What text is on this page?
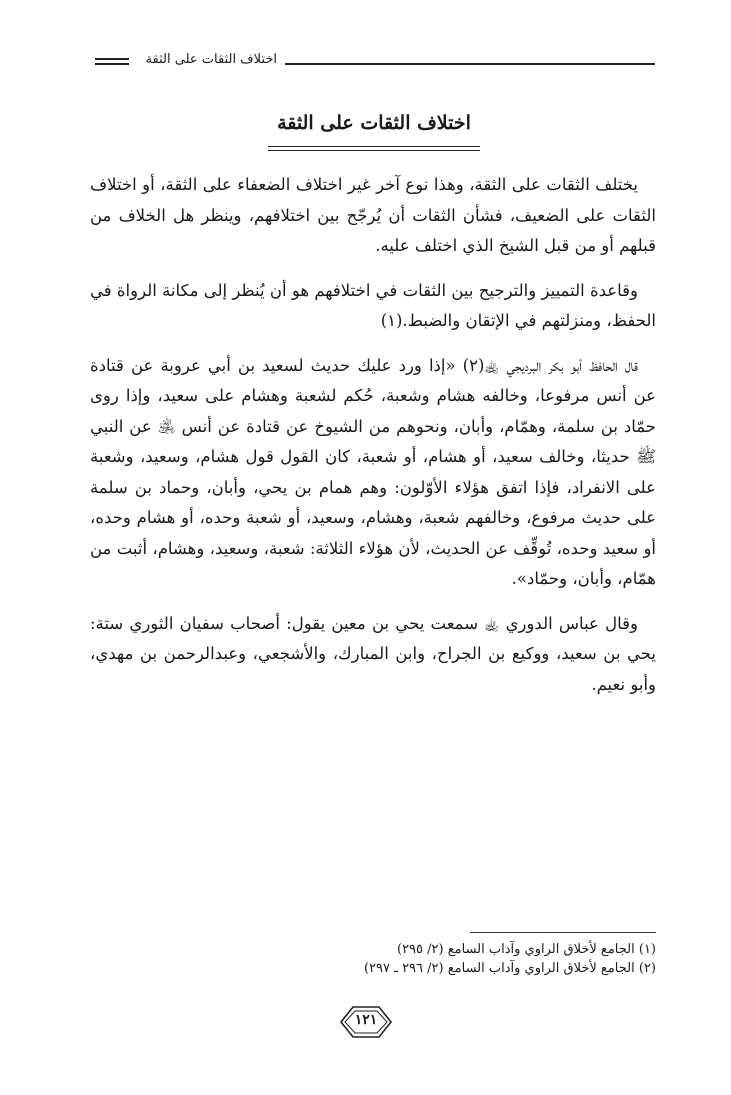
اختلاف الثقات على الثقة
اختلاف الثقات على الثقة

يختلف الثقات على الثقة، وهذا نوع آخر غير اختلاف الضعفاء على الثقة، أو اختلاف الثقات على الضعيف، فشأن الثقات أن يُرجّح بين اختلافهم، وينظر هل الخلاف من قبلهم أو من قبل الشيخ الذي اختلف عليه.

وقاعدة التمييز والترجيح بين الثقات في اختلافهم هو أن يُنظر إلى مكانة الرواة في الحفظ، ومنزلتهم في الإتقان والضبط.(١)

قال الحافظ أبو بكر البرديجي ﵀(٢) «إذا ورد عليك حديث لسعيد بن أبي عروبة عن قتادة عن أنس مرفوعا، وخالفه هشام وشعبة، حُكم لشعبة وهشام على سعيد، وإذا روى حمّاد بن سلمة، وهمّام، وأبان، ونحوهم من الشيوخ عن قتادة عن أنس ﵁ عن النبي ﷺ حديثا، وخالف سعيد، أو هشام، أو شعبة، كان القول قول هشام، وسعيد، وشعبة على الانفراد، فإذا اتفق هؤلاء الأوّلون: وهم همام بن يحي، وأبان، وحماد بن سلمة على حديث مرفوع، وخالفهم شعبة، وهشام، وسعيد، أو شعبة وحده، أو هشام وحده، أو سعيد وحده، تُوقِّف عن الحديث، لأن هؤلاء الثلاثة: شعبة، وسعيد، وهشام، أثبت من همّام، وأبان، وحمّاد».

وقال عباس الدوري ﵀ سمعت يحي بن معين يقول: أصحاب سفيان الثوري ستة: يحي بن سعيد، ووكيع بن الجراح، وابن المبارك، والأشجعي، وعبدالرحمن بن مهدي، وأبو نعيم.

(١) الجامع لأخلاق الراوي وآداب السامع (٢/ ٢٩٥)
(٢) الجامع لأخلاق الراوي وآداب السامع (٢/ ٢٩٦ ـ ٢٩٧)
١٢١
